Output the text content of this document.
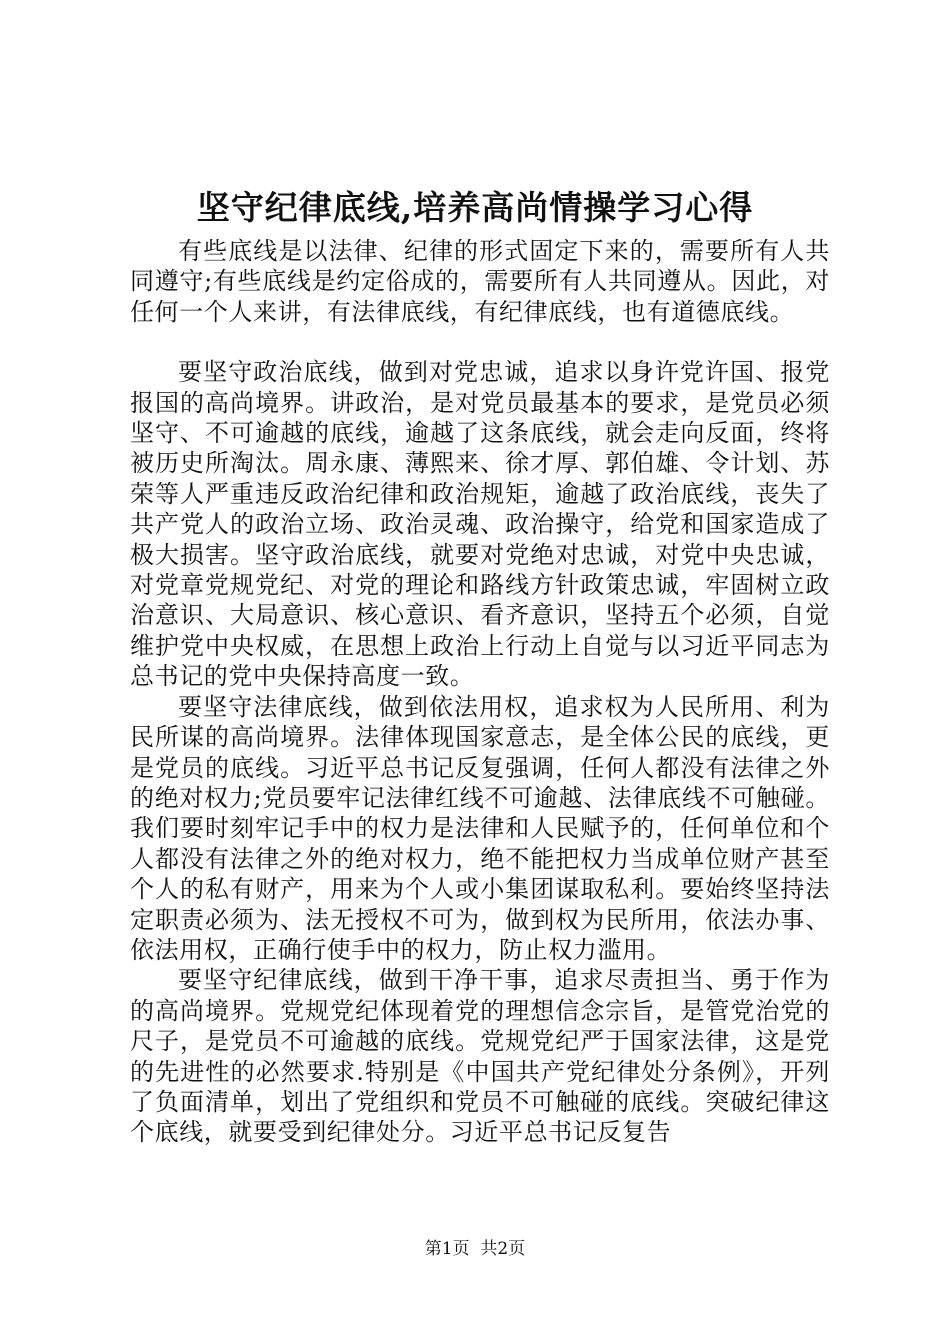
坚守纪律底线,培养高尚情操学习心得

有些底线是以法律、纪律的形式固定下来的，需要所有人共同遵守;有些底线是约定俗成的，需要所有人共同遵从。因此，对任何一个人来讲，有法律底线，有纪律底线，也有道德底线。

要坚守政治底线，做到对党忠诚，追求以身许党许国、报党报国的高尚境界。讲政治，是对党员最基本的要求，是党员必须坚守、不可逾越的底线，逾越了这条底线，就会走向反面，终将被历史所淘汰。周永康、薄熙来、徐才厚、郭伯雄、令计划、苏荣等人严重违反政治纪律和政治规矩，逾越了政治底线，丧失了共产党人的政治立场、政治灵魂、政治操守，给党和国家造成了极大损害。坚守政治底线，就要对党绝对忠诚，对党中央忠诚，对党章党规党纪、对党的理论和路线方针政策忠诚，牢固树立政治意识、大局意识、核心意识、看齐意识，坚持五个必须，自觉维护党中央权威，在思想上政治上行动上自觉与以习近平同志为总书记的党中央保持高度一致。

要坚守法律底线，做到依法用权，追求权为人民所用、利为民所谋的高尚境界。法律体现国家意志，是全体公民的底线，更是党员的底线。习近平总书记反复强调，任何人都没有法律之外的绝对权力;党员要牢记法律红线不可逾越、法律底线不可触碰。我们要时刻牢记手中的权力是法律和人民赋予的，任何单位和个人都没有法律之外的绝对权力，绝不能把权力当成单位财产甚至个人的私有财产，用来为个人或小集团谋取私利。要始终坚持法定职责必须为、法无授权不可为，做到权为民所用，依法办事、依法用权，正确行使手中的权力，防止权力滥用。

要坚守纪律底线，做到干净干事，追求尽责担当、勇于作为的高尚境界。党规党纪体现着党的理想信念宗旨，是管党治党的尺子，是党员不可逾越的底线。党规党纪严于国家法律，这是党的先进性的必然要求.特别是《中国共产党纪律处分条例》，开列了负面清单，划出了党组织和党员不可触碰的底线。突破纪律这个底线，就要受到纪律处分。习近平总书记反复告

第1页 共2页
